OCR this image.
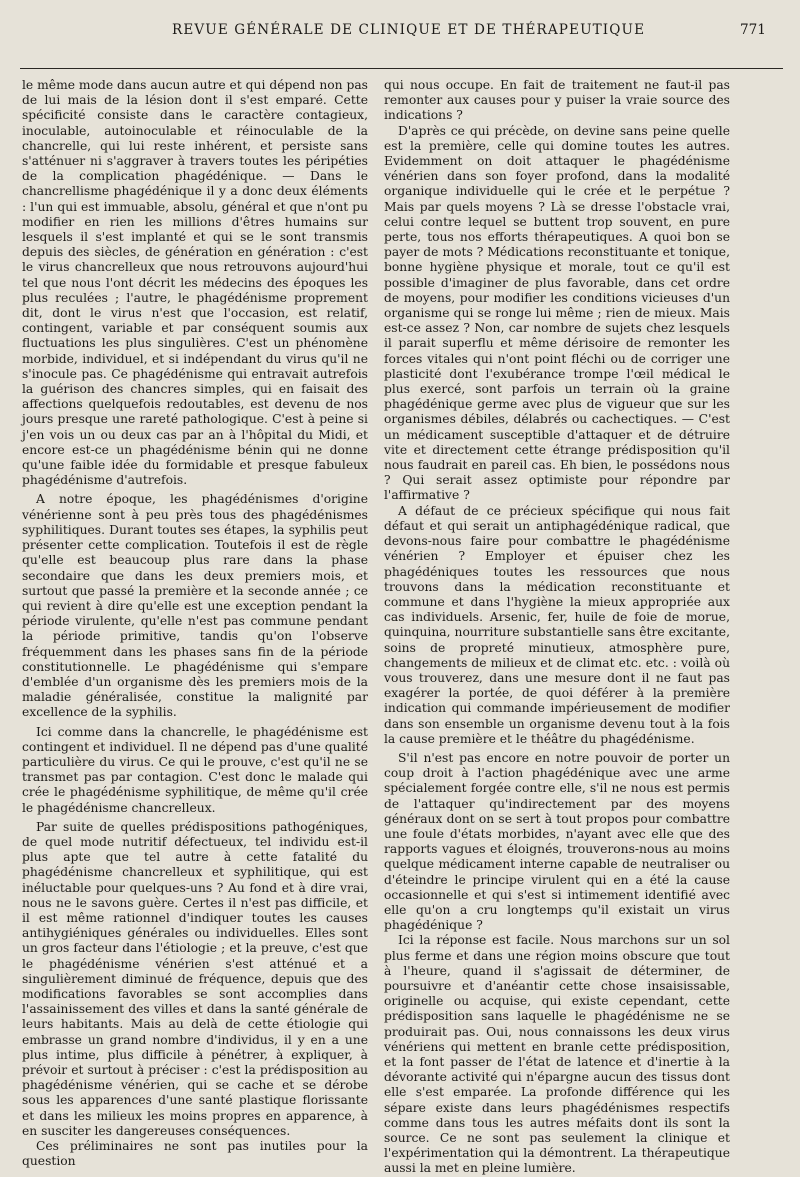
REVUE GÉNÉRALE DE CLINIQUE ET DE THÉRAPEUTIQUE	771

le même mode dans aucun autre et qui dépend non pas de lui mais de la lésion dont il s'est emparé. Cette spécificité consiste dans le caractère contagieux, inoculable, autoinoculable et réinoculable de la chancrelle, qui lui reste inhérent, et persiste sans s'atténuer ni s'aggraver à travers toutes les péripéties de la complication phagédénique. — Dans le chancrellisme phagédénique il y a donc deux éléments : l'un qui est immuable, absolu, général et que n'ont pu modifier en rien les millions d'êtres humains sur lesquels il s'est implanté et qui se le sont transmis depuis des siècles, de génération en génération : c'est le virus chancrelleux que nous retrouvons aujourd'hui tel que nous l'ont décrit les médecins des époques les plus reculées ; l'autre, le phagédénisme proprement dit, dont le virus n'est que l'occasion, est relatif, contingent, variable et par conséquent soumis aux fluctuations les plus singulières. C'est un phénomène morbide, individuel, et si indépendant du virus qu'il ne s'inocule pas. Ce phagédénisme qui entravait autrefois la guérison des chancres simples, qui en faisait des affections quelquefois redoutables, est devenu de nos jours presque une rareté pathologique. C'est à peine si j'en vois un ou deux cas par an à l'hôpital du Midi, et encore est-ce un phagédénisme bénin qui ne donne qu'une faible idée du formidable et presque fabuleux phagédénisme d'autrefois.

A notre époque, les phagédénismes d'origine vénérienne sont à peu près tous des phagédénismes syphilitiques. Durant toutes ses étapes, la syphilis peut présenter cette complication. Toutefois il est de règle qu'elle est beaucoup plus rare dans la phase secondaire que dans les deux premiers mois, et surtout que passé la première et la seconde année ; ce qui revient à dire qu'elle est une exception pendant la période virulente, qu'elle n'est pas commune pendant la période primitive, tandis qu'on l'observe fréquemment dans les phases sans fin de la période constitutionnelle. Le phagédénisme qui s'empare d'emblée d'un organisme dès les premiers mois de la maladie généralisée, constitue la malignité par excellence de la syphilis.

Ici comme dans la chancrelle, le phagédénisme est contingent et individuel. Il ne dépend pas d'une qualité particulière du virus. Ce qui le prouve, c'est qu'il ne se transmet pas par contagion. C'est donc le malade qui crée le phagédénisme syphilitique, de même qu'il crée le phagédénisme chancrelleux.

Par suite de quelles prédispositions pathogéniques, de quel mode nutritif défectueux, tel individu est-il plus apte que tel autre à cette fatalité du phagédénisme chancrelleux et syphilitique, qui est inéluctable pour quelques-uns ? Au fond et à dire vrai, nous ne le savons guère. Certes il n'est pas difficile, et il est même rationnel d'indiquer toutes les causes antihygiéniques générales ou individuelles. Elles sont un gros facteur dans l'étiologie ; et la preuve, c'est que le phagédénisme vénérien s'est atténué et a singulièrement diminué de fréquence, depuis que des modifications favorables se sont accomplies dans l'assainissement des villes et dans la santé générale de leurs habitants. Mais au delà de cette étiologie qui embrasse un grand nombre d'individus, il y en a une plus intime, plus difficile à pénétrer, à expliquer, à prévoir et surtout à préciser : c'est la prédisposition au phagédénisme vénérien, qui se cache et se dérobe sous les apparences d'une santé plastique florissante et dans les milieux les moins propres en apparence, à en susciter les dangereuses conséquences.

Ces préliminaires ne sont pas inutiles pour la question

qui nous occupe. En fait de traitement ne faut-il pas remonter aux causes pour y puiser la vraie source des indications ?

D'après ce qui précède, on devine sans peine quelle est la première, celle qui domine toutes les autres. Evidemment on doit attaquer le phagédénisme vénérien dans son foyer profond, dans la modalité organique individuelle qui le crée et le perpétue ? Mais par quels moyens ? Là se dresse l'obstacle vrai, celui contre lequel se buttent trop souvent, en pure perte, tous nos efforts thérapeutiques. A quoi bon se payer de mots ? Médications reconstituante et tonique, bonne hygiène physique et morale, tout ce qu'il est possible d'imaginer de plus favorable, dans cet ordre de moyens, pour modifier les conditions vicieuses d'un organisme qui se ronge lui même ; rien de mieux. Mais est-ce assez ? Non, car nombre de sujets chez lesquels il parait superflu et même dérisoire de remonter les forces vitales qui n'ont point fléchi ou de corriger une plasticité dont l'exubérance trompe l'œil médical le plus exercé, sont parfois un terrain où la graine phagédénique germe avec plus de vigueur que sur les organismes débiles, délabrés ou cachectiques. — C'est un médicament susceptible d'attaquer et de détruire vite et directement cette étrange prédisposition qu'il nous faudrait en pareil cas. Eh bien, le possédons nous ? Qui serait assez optimiste pour répondre par l'affirmative ?

A défaut de ce précieux spécifique qui nous fait défaut et qui serait un antiphagédénique radical, que devons-nous faire pour combattre le phagédénisme vénérien ? Employer et épuiser chez les phagédéniques toutes les ressources que nous trouvons dans la médication reconstituante et commune et dans l'hygiène la mieux appropriée aux cas individuels. Arsenic, fer, huile de foie de morue, quinquina, nourriture substantielle sans être excitante, soins de propreté minutieux, atmosphère pure, changements de milieux et de climat etc. etc. : voilà où vous trouverez, dans une mesure dont il ne faut pas exagérer la portée, de quoi déférer à la première indication qui commande impérieusement de modifier dans son ensemble un organisme devenu tout à la fois la cause première et le théâtre du phagédénisme.

S'il n'est pas encore en notre pouvoir de porter un coup droit à l'action phagédénique avec une arme spécialement forgée contre elle, s'il ne nous est permis de l'attaquer qu'indirectement par des moyens généraux dont on se sert à tout propos pour combattre une foule d'états morbides, n'ayant avec elle que des rapports vagues et éloignés, trouverons-nous au moins quelque médicament interne capable de neutraliser ou d'éteindre le principe virulent qui en a été la cause occasionnelle et qui s'est si intimement identifié avec elle qu'on a cru longtemps qu'il existait un virus phagédénique ?

Ici la réponse est facile. Nous marchons sur un sol plus ferme et dans une région moins obscure que tout à l'heure, quand il s'agissait de déterminer, de poursuivre et d'anéantir cette chose insaisissable, originelle ou acquise, qui existe cependant, cette prédisposition sans laquelle le phagédénisme ne se produirait pas. Oui, nous connaissons les deux virus vénériens qui mettent en branle cette prédisposition, et la font passer de l'état de latence et d'inertie à la dévorante activité qui n'épargne aucun des tissus dont elle s'est emparée. La profonde différence qui les sépare existe dans leurs phagédénismes respectifs comme dans tous les autres méfaits dont ils sont la source. Ce ne sont pas seulement la clinique et l'expérimentation qui la démontrent. La thérapeutique aussi la met en pleine lumière.
